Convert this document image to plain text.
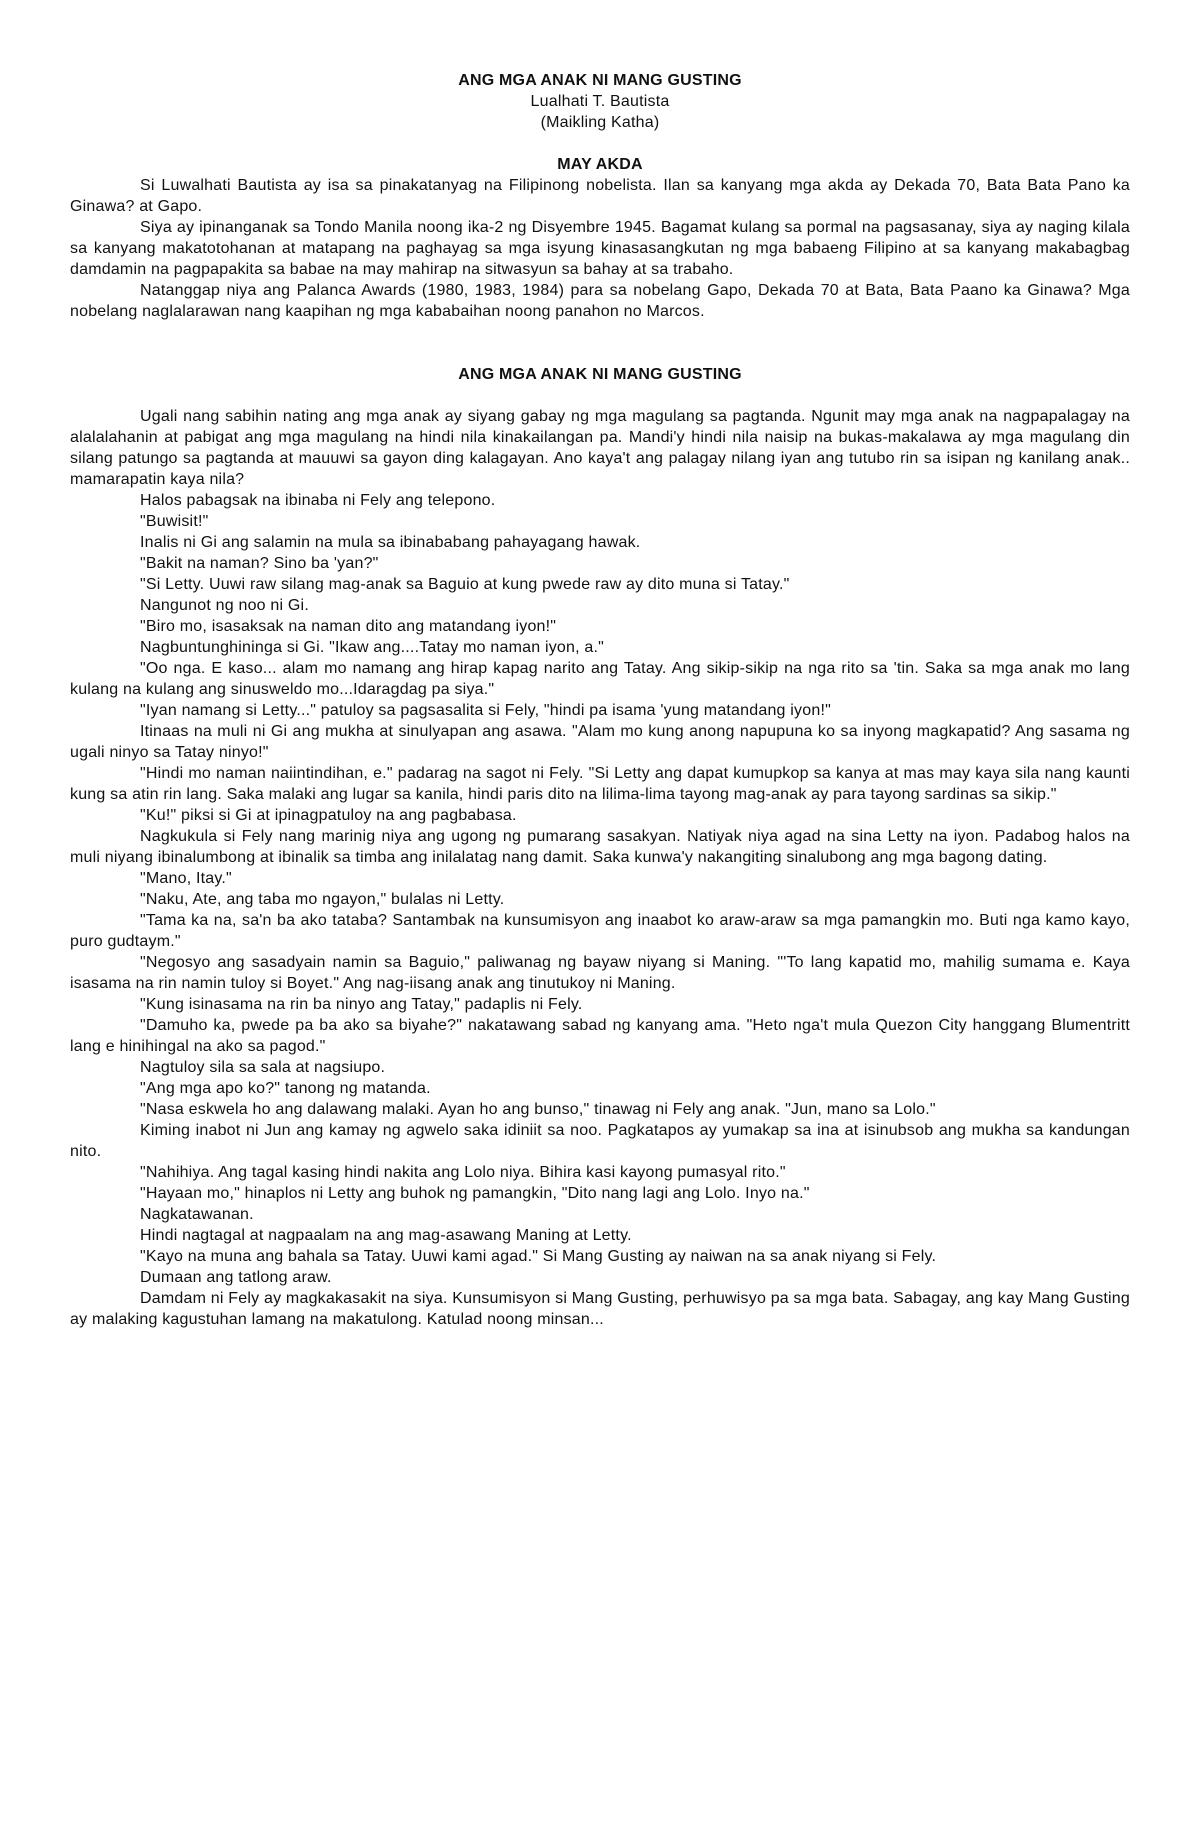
ANG MGA ANAK NI MANG GUSTING
Lualhati T. Bautista
(Maikling Katha)
MAY AKDA

Si Luwalhati Bautista ay isa sa pinakatanyag na Filipinong nobelista. Ilan sa kanyang mga akda ay Dekada 70, Bata Bata Pano ka Ginawa? at Gapo.

Siya ay ipinanganak sa Tondo Manila noong ika-2 ng Disyembre 1945. Bagamat kulang sa pormal na pagsasanay, siya ay naging kilala sa kanyang makatotohanan at matapang na paghayag sa mga isyung kinasasangkutan ng mga babaeng Filipino at sa kanyang makabagbag damdamin na pagpapakita sa babae na may mahirap na sitwasyun sa bahay at sa trabaho.

Natanggap niya ang Palanca Awards (1980, 1983, 1984) para sa nobelang Gapo, Dekada 70 at Bata, Bata Paano ka Ginawa? Mga nobelang naglalarawan nang kaapihan ng mga kababaihan noong panahon no Marcos.

ANG MGA ANAK NI MANG GUSTING

Ugali nang sabihin nating ang mga anak ay siyang gabay ng mga magulang sa pagtanda. Ngunit may mga anak na nagpapalagay na alalalahanin at pabigat ang mga magulang na hindi nila kinakailangan pa. Mandi'y hindi nila naisip na bukas-makalawa ay mga magulang din silang patungo sa pagtanda at mauuwi sa gayon ding kalagayan. Ano kaya't ang palagay nilang iyan ang tutubo rin sa isipan ng kanilang anak.. mamarapatin kaya nila?

Halos pabagsak na ibinaba ni Fely ang telepono.

"Buwisit!"

Inalis ni Gi ang salamin na mula sa ibinababang pahayagang hawak.

"Bakit na naman? Sino ba 'yan?"

"Si Letty. Uuwi raw silang mag-anak sa Baguio at kung pwede raw ay dito muna si Tatay."

Nangunot ng noo ni Gi.

"Biro mo, isasaksak na naman dito ang matandang iyon!"

Nagbuntunghininga si Gi. "Ikaw ang....Tatay mo naman iyon, a."

"Oo nga. E kaso... alam mo namang ang hirap kapag narito ang Tatay. Ang sikip-sikip na nga rito sa 'tin. Saka sa mga anak mo lang kulang na kulang ang sinusweldo mo...Idaragdag pa siya."

"Iyan namang si Letty..." patuloy sa pagsasalita si Fely, "hindi pa isama 'yung matandang iyon!"

Itinaas na muli ni Gi ang mukha at sinulyapan ang asawa. "Alam mo kung anong napupuna ko sa inyong magkapatid? Ang sasama ng ugali ninyo sa Tatay ninyo!"

"Hindi mo naman naiintindihan, e." padarag na sagot ni Fely. "Si Letty ang dapat kumupkop sa kanya at mas may kaya sila nang kaunti kung sa atin rin lang. Saka malaki ang lugar sa kanila, hindi paris dito na lilima-lima tayong mag-anak ay para tayong sardinas sa sikip."

"Ku!" piksi si Gi at ipinagpatuloy na ang pagbabasa.

Nagkukula si Fely nang marinig niya ang ugong ng pumarang sasakyan. Natiyak niya agad na sina Letty na iyon. Padabog halos na muli niyang ibinalumbong at ibinalik sa timba ang inilalatag nang damit. Saka kunwa'y nakangiting sinalubong ang mga bagong dating.

"Mano, Itay."

"Naku, Ate, ang taba mo ngayon," bulalas ni Letty.

"Tama ka na, sa'n ba ako tataba? Santambak na kunsumisyon ang inaabot ko araw-araw sa mga pamangkin mo. Buti nga kamo kayo, puro gudtaym."

"Negosyo ang sasadyain namin sa Baguio," paliwanag ng bayaw niyang si Maning. "'To lang kapatid mo, mahilig sumama e. Kaya isasama na rin namin tuloy si Boyet." Ang nag-iisang anak ang tinutukoy ni Maning.

"Kung isinasama na rin ba ninyo ang Tatay," padaplis ni Fely.

"Damuho ka, pwede pa ba ako sa biyahe?" nakatawang sabad ng kanyang ama. "Heto nga't mula Quezon City hanggang Blumentritt lang e hinihingal na ako sa pagod."

Nagtuloy sila sa sala at nagsiupo.

"Ang mga apo ko?" tanong ng matanda.

"Nasa eskwela ho ang dalawang malaki. Ayan ho ang bunso," tinawag ni Fely ang anak. "Jun, mano sa Lolo."

Kiming inabot ni Jun ang kamay ng agwelo saka idiniit sa noo. Pagkatapos ay yumakap sa ina at isinubsob ang mukha sa kandungan nito.

"Nahihiya. Ang tagal kasing hindi nakita ang Lolo niya. Bihira kasi kayong pumasyal rito."

"Hayaan mo," hinaplos ni Letty ang buhok ng pamangkin, "Dito nang lagi ang Lolo. Inyo na."

Nagkatawanan.

Hindi nagtagal at nagpaalam na ang mag-asawang Maning at Letty.

"Kayo na muna ang bahala sa Tatay. Uuwi kami agad." Si Mang Gusting ay naiwan na sa anak niyang si Fely.

Dumaan ang tatlong araw.

Damdam ni Fely ay magkakasakit na siya. Kunsumisyon si Mang Gusting, perhuwisyo pa sa mga bata. Sabagay, ang kay Mang Gusting ay malaking kagustuhan lamang na makatulong. Katulad noong minsan...
